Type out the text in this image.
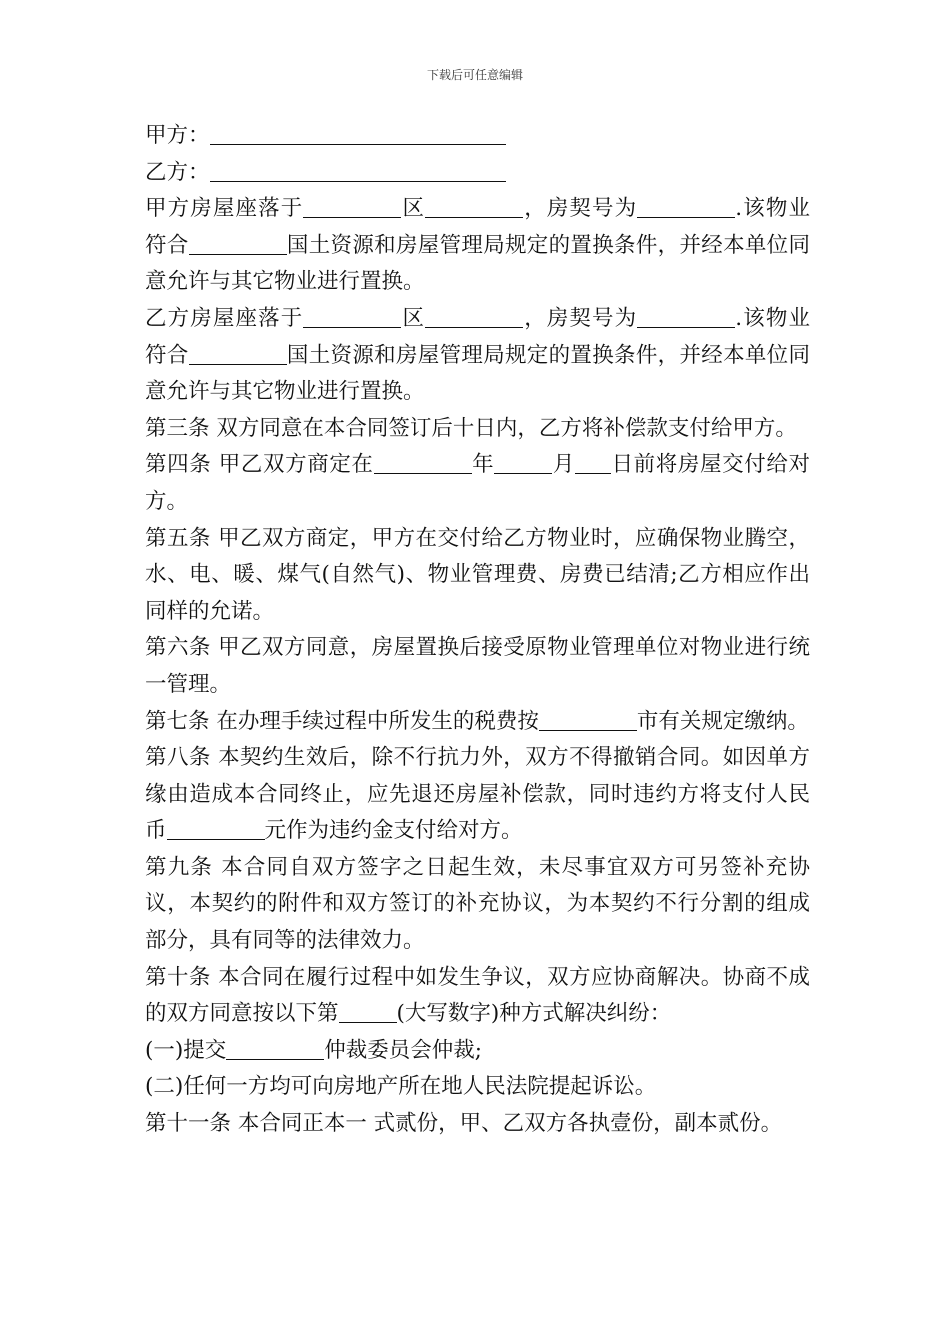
下载后可任意编辑

甲方：

乙方：

甲方房屋座落于	区	，房契号为	.该物业符合	国土资源和房屋管理局规定的置换条件，并经本单位同意允许与其它物业进行置换。

乙方房屋座落于	区	，房契号为	.该物业符合	国土资源和房屋管理局规定的置换条件，并经本单位同意允许与其它物业进行置换。

第三条 双方同意在本合同签订后十日内，乙方将补偿款支付给甲方。

第四条 甲乙双方商定在	年	月 日前将房屋交付给对方。

第五条 甲乙双方商定，甲方在交付给乙方物业时，应确保物业腾空，水、电、暖、煤气(自然气)、物业管理费、房费已结清;乙方相应作出同样的允诺。

第六条 甲乙双方同意，房屋置换后接受原物业管理单位对物业进行统一管理。

第七条 在办理手续过程中所发生的税费按	市有关规定缴纳。

第八条 本契约生效后，除不行抗力外，双方不得撤销合同。如因单方缘由造成本合同终止，应先退还房屋补偿款，同时违约方将支付人民币	元作为违约金支付给对方。

第九条 本合同自双方签字之日起生效，未尽事宜双方可另签补充协议，本契约的附件和双方签订的补充协议，为本契约不行分割的组成部分，具有同等的法律效力。

第十条 本合同在履行过程中如发生争议，双方应协商解决。协商不成的双方同意按以下第	(大写数字)种方式解决纠纷：

(一)提交	仲裁委员会仲裁;

(二)任何一方均可向房地产所在地人民法院提起诉讼。

第十一条 本合同正本一 式贰份，甲、乙双方各执壹份，副本贰份。
